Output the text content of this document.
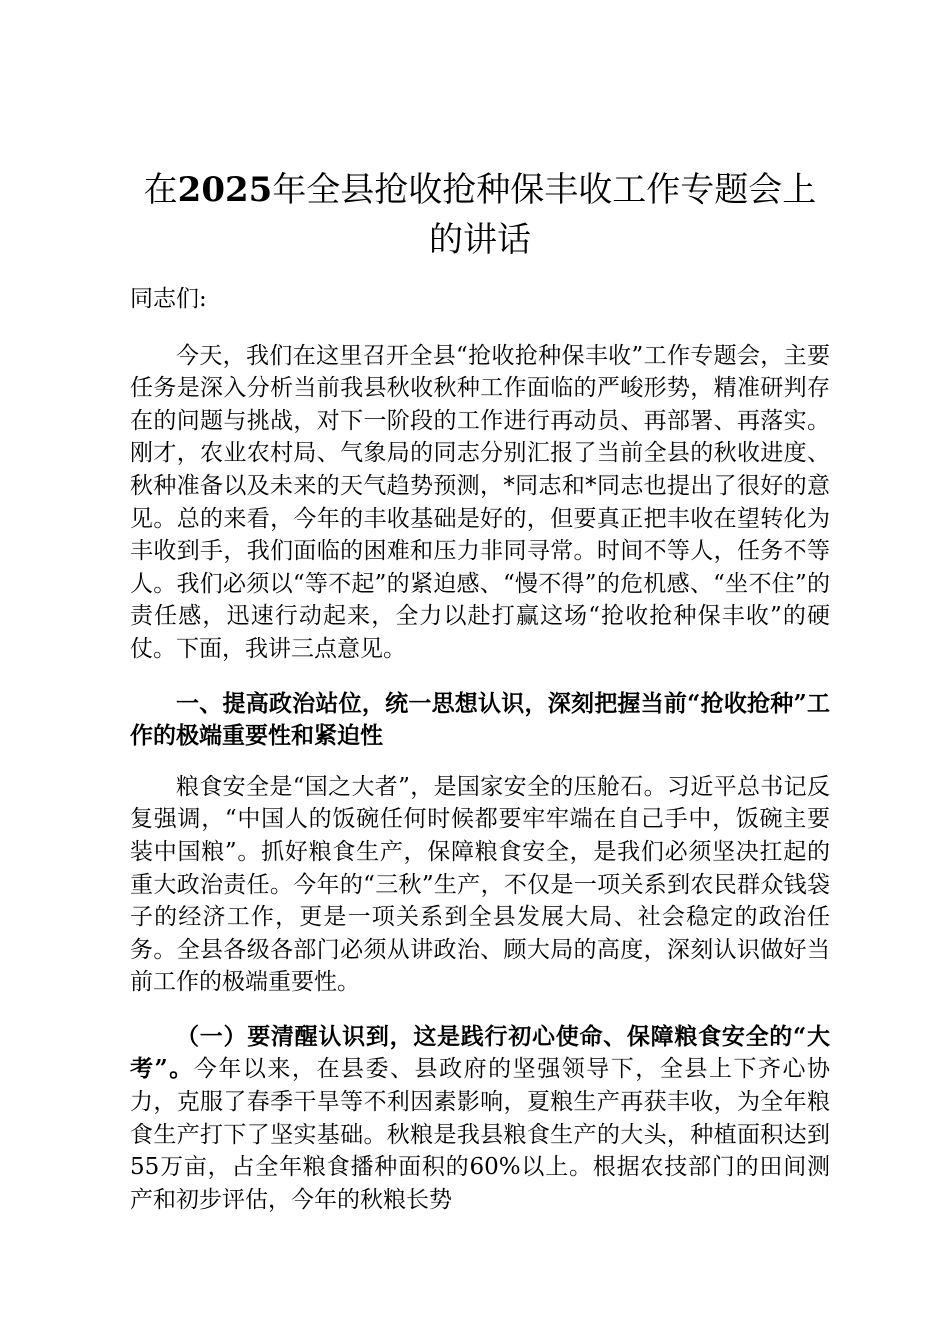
在2025年全县抢收抢种保丰收工作专题会上的讲话

同志们:

今天，我们在这里召开全县“抢收抢种保丰收”工作专题会，主要任务是深入分析当前我县秋收秋种工作面临的严峻形势，精准研判存在的问题与挑战，对下一阶段的工作进行再动员、再部署、再落实。刚才，农业农村局、气象局的同志分别汇报了当前全县的秋收进度、秋种准备以及未来的天气趋势预测，*同志和*同志也提出了很好的意见。总的来看，今年的丰收基础是好的，但要真正把丰收在望转化为丰收到手，我们面临的困难和压力非同寻常。时间不等人，任务不等人。我们必须以“等不起”的紧迫感、“慢不得”的危机感、“坐不住”的责任感，迅速行动起来，全力以赴打赢这场“抢收抢种保丰收”的硬仗。下面，我讲三点意见。

一、提高政治站位，统一思想认识，深刻把握当前“抢收抢种”工作的极端重要性和紧迫性

粮食安全是“国之大者”，是国家安全的压舱石。习近平总书记反复强调，“中国人的饭碗任何时候都要牢牢端在自己手中，饭碗主要装中国粮”。抓好粮食生产，保障粮食安全，是我们必须坚决扛起的重大政治责任。今年的“三秋”生产，不仅是一项关系到农民群众钱袋子的经济工作，更是一项关系到全县发展大局、社会稳定的政治任务。全县各级各部门必须从讲政治、顾大局的高度，深刻认识做好当前工作的极端重要性。

（一）要清醒认识到，这是践行初心使命、保障粮食安全的“大考”。今年以来，在县委、县政府的坚强领导下，全县上下齐心协力，克服了春季干旱等不利因素影响，夏粮生产再获丰收，为全年粮食生产打下了坚实基础。秋粮是我县粮食生产的大头，种植面积达到55万亩，占全年粮食播种面积的60%以上。根据农技部门的田间测产和初步评估，今年的秋粮长势
